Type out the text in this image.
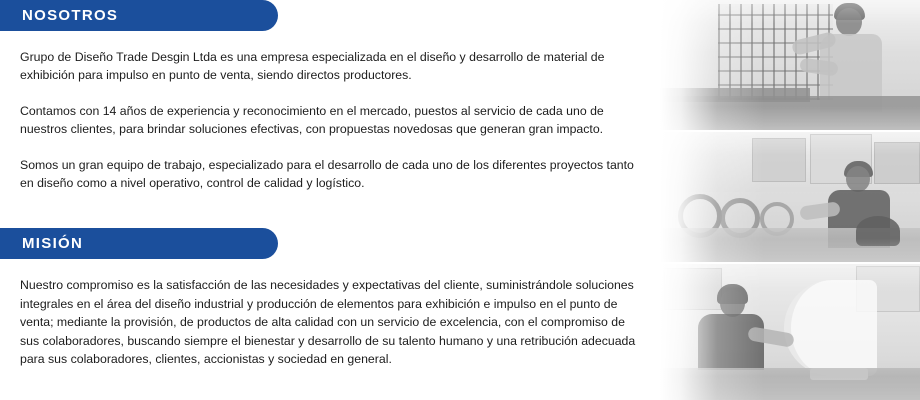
NOSOTROS

Grupo de Diseño Trade Desgin Ltda es una empresa especializada en el diseño y desarrollo de material de exhibición para impulso en punto de venta, siendo directos productores.

Contamos con 14 años de experiencia y reconocimiento en el mercado, puestos al servicio de cada uno de nuestros clientes, para brindar soluciones efectivas, con propuestas novedosas que generan gran impacto.

Somos un gran equipo de trabajo, especializado para el desarrollo de cada uno de los diferentes proyectos tanto en diseño como a nivel operativo, control de calidad y logístico.

MISIÓN

Nuestro compromiso es la satisfacción de las necesidades y expectativas del cliente, suministrándole soluciones integrales en el área del diseño industrial y producción de elementos para exhibición e impulso en el punto de venta; mediante la provisión, de productos de alta calidad con un servicio de excelencia, con el compromiso de sus colaboradores, buscando siempre el bienestar y desarrollo de su talento humano y una retribución adecuada para sus colaboradores, clientes, accionistas y sociedad en general.
